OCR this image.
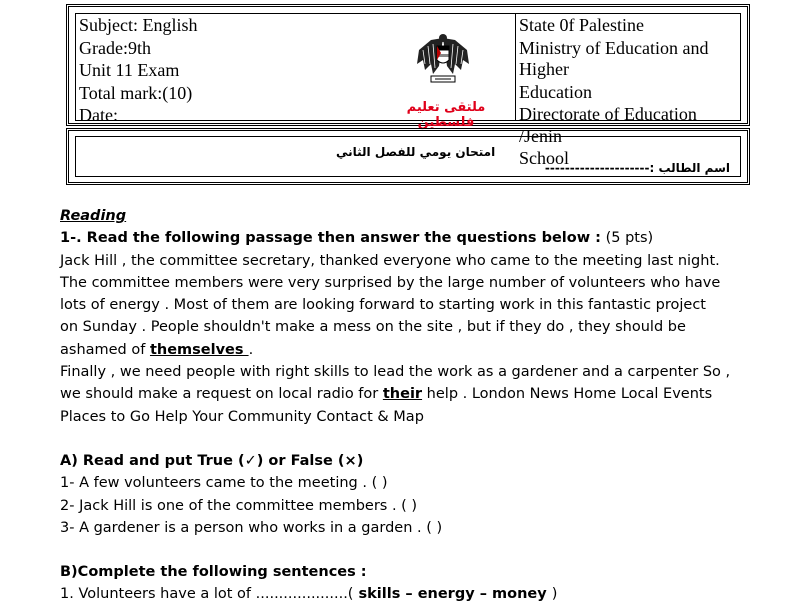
Subject: English
Grade:9th
Unit 11 Exam
Total mark:(10)
Date:	ملتقى تعليم فلسطين
State 0f Palestine
Ministry of Education and Higher
Education
Directorate of Education /Jenin
School
امتحان يومي للفصل الثاني
اسم الطالب :---------------------

Reading

1-. Read the following passage then answer the questions below : (5 pts)

Jack Hill , the committee secretary, thanked everyone who came to the meeting last night.

The committee members were very surprised by the large number of volunteers who have

lots of energy . Most of them are looking forward to starting work in this fantastic project

on Sunday . People shouldn't make a mess on the site , but if they do , they should be

ashamed of themselves .

Finally , we need people with right skills to lead the work as a gardener and a carpenter So ,

we should make a request on local radio for their help . London News Home Local Events

Places to Go Help Your Community Contact & Map

A) Read and put True (✓) or False (×)

1- A few volunteers came to the meeting . ( )

2- Jack Hill is one of the committee members . ( )

3- A gardener is a person who works in a garden . ( )

B)Complete the following sentences :

1. Volunteers have a lot of ....................( skills – energy – money )
